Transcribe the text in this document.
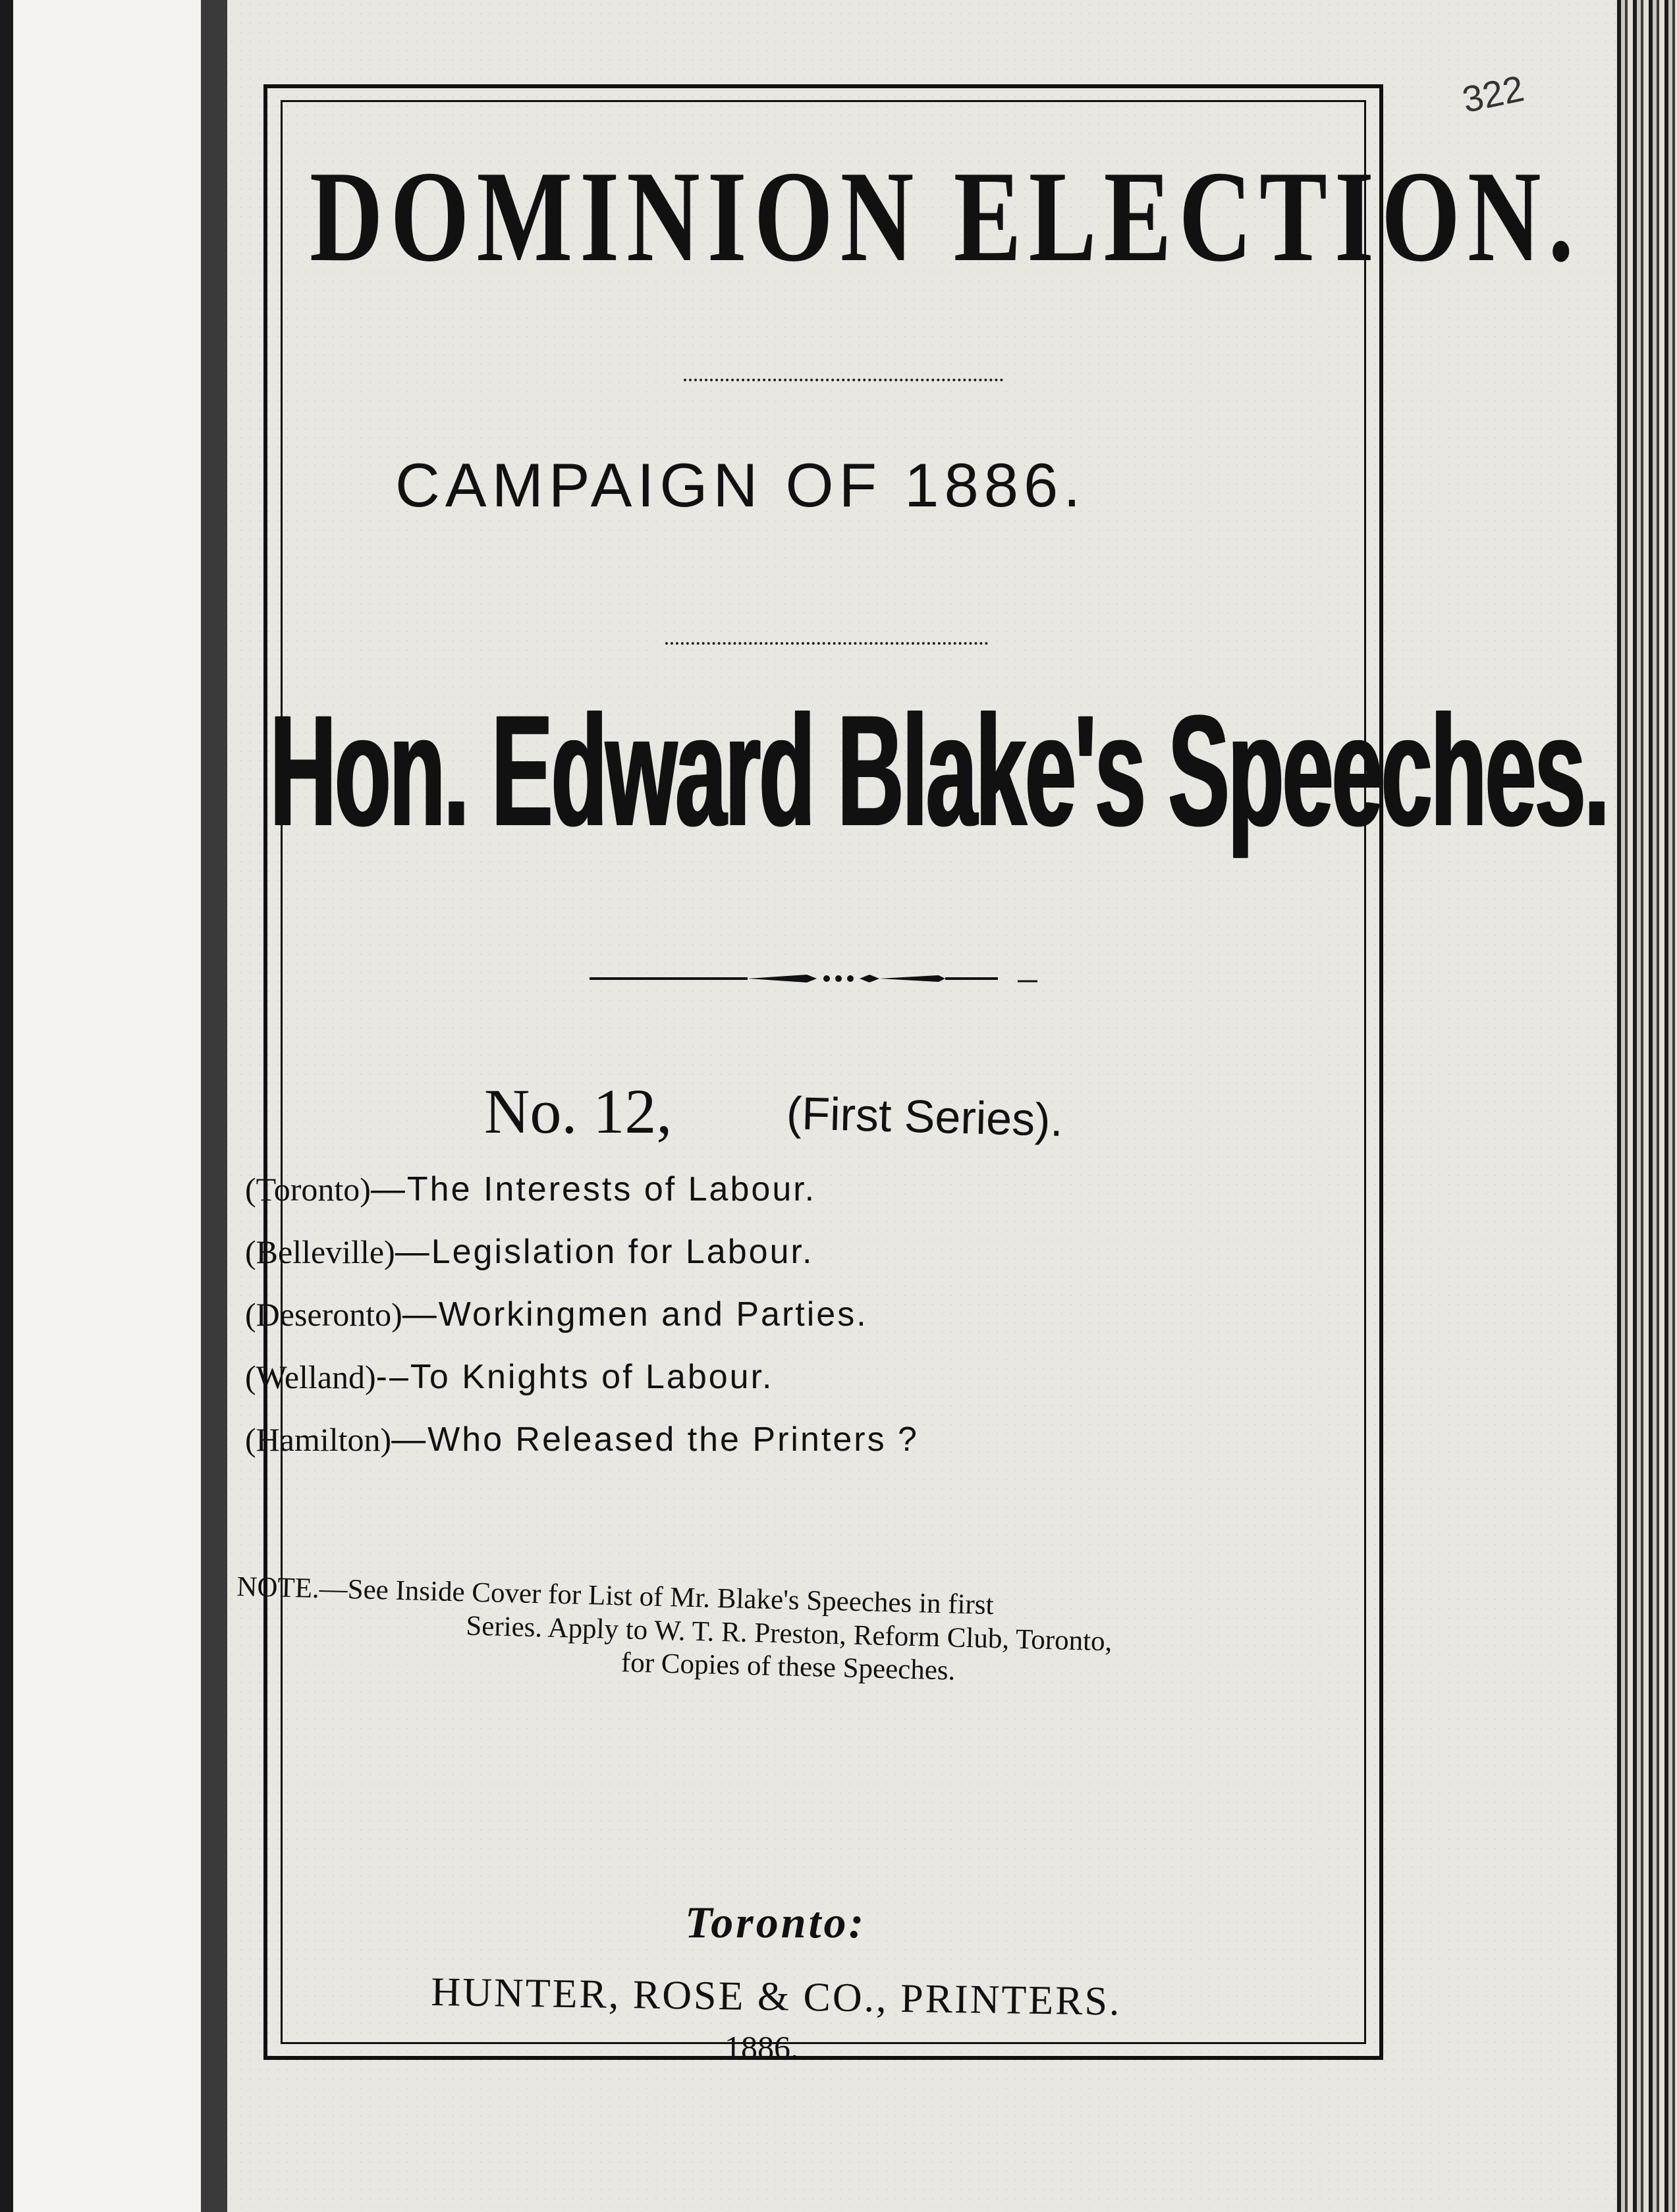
322
DOMINION ELECTION.
CAMPAIGN OF 1886.
Hon. Edward Blake's Speeches.
No. 12, (First Series).
(Toronto)—The Interests of Labour.
(Belleville)—Legislation for Labour.
(Deseronto)—Workingmen and Parties.
(Welland)-–To Knights of Labour.
(Hamilton)—Who Released the Printers ?
NOTE.—See Inside Cover for List of Mr. Blake's Speeches in first
Series. Apply to W. T. R. Preston, Reform Club, Toronto,
for Copies of these Speeches.
Toronto:
HUNTER, ROSE & CO., PRINTERS.
1886.
